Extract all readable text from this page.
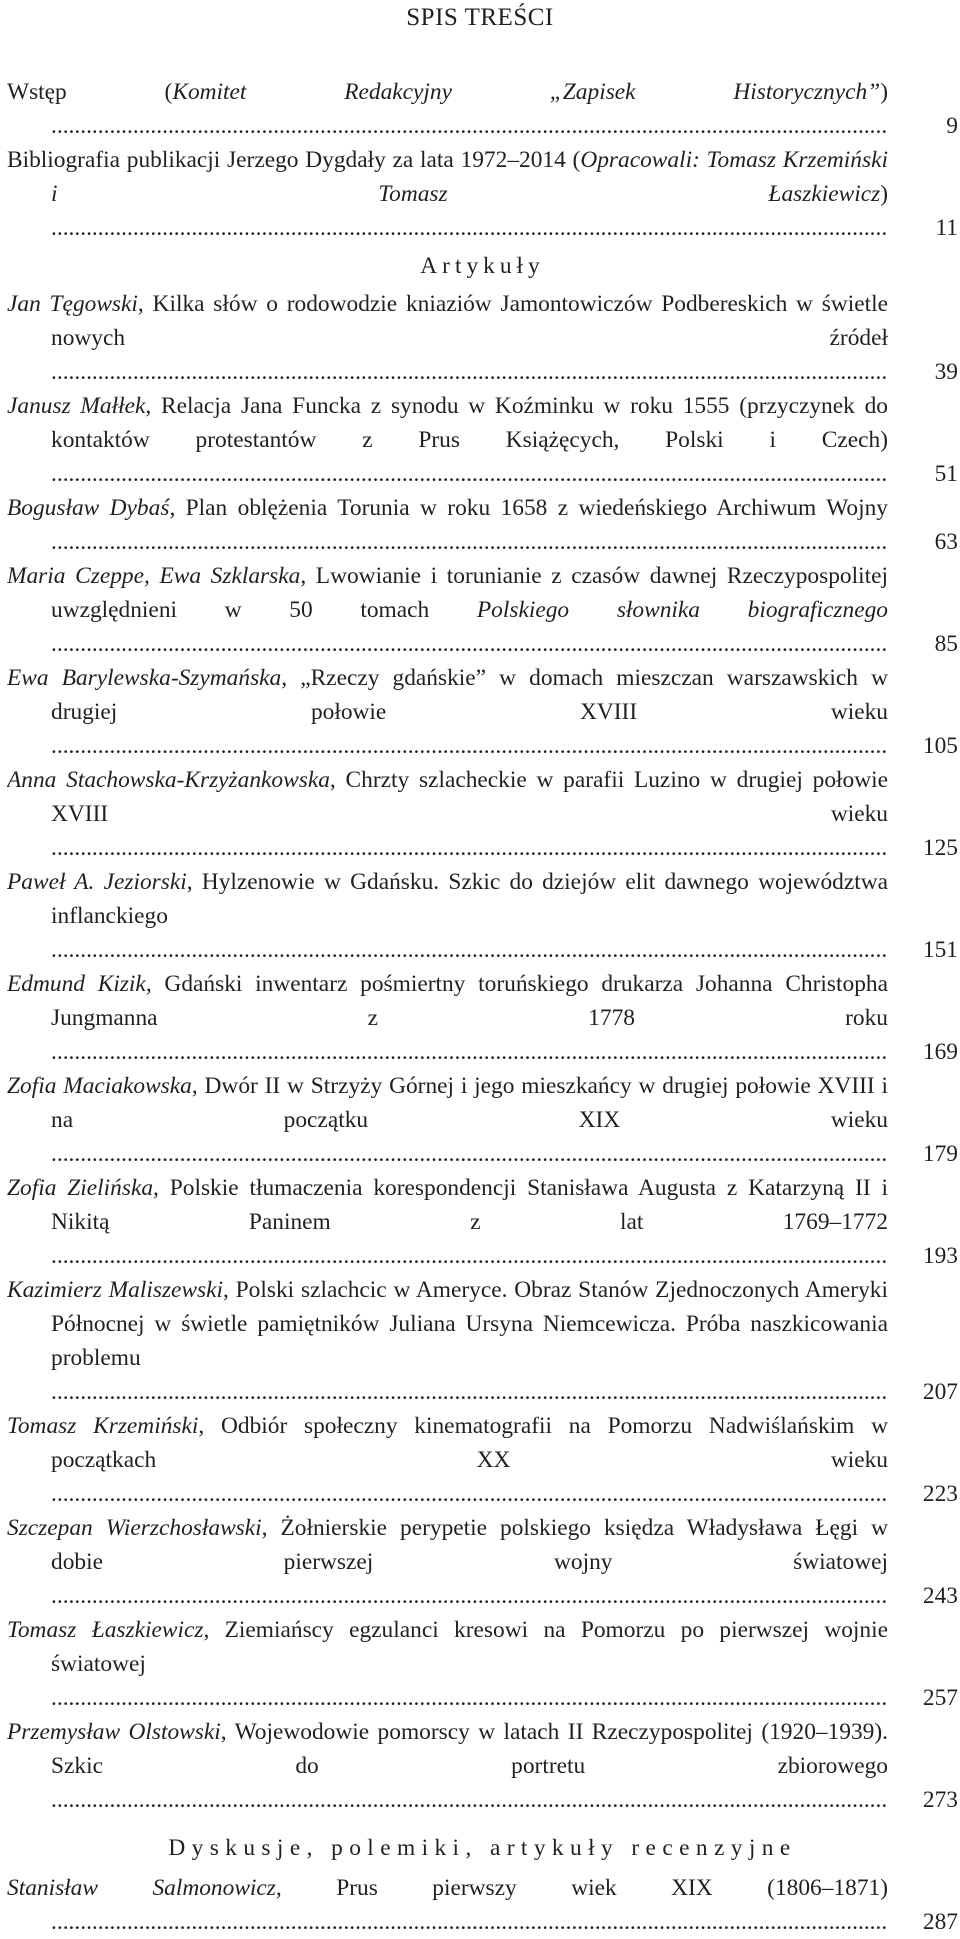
SPIS TREŚCI
Wstęp (Komitet Redakcyjny „Zapisek Historycznych”) .....
9
Bibliografia publikacji Jerzego Dygdały za lata 1972–2014 (Opracowali: Tomasz Krzemiński i Tomasz Łaszkiewicz) .....
11
Artykuły
Jan Tęgowski, Kilka słów o rodowodzie kniaziów Jamontowiczów Podbereskich w świetle nowych źródeł .....
39
Janusz Małłek, Relacja Jana Funcka z synodu w Koźminku w roku 1555 (przyczynek do kontaktów protestantów z Prus Książęcych, Polski i Czech) .....
51
Bogusław Dybaś, Plan oblężenia Torunia w roku 1658 z wiedeńskiego Archiwum Wojny .....
63
Maria Czeppe, Ewa Szklarska, Lwowianie i torunianie z czasów dawnej Rzeczypospolitej uwzględnieni w 50 tomach Polskiego słownika biograficznego .....
85
Ewa Barylewska-Szymańska, „Rzeczy gdańskie” w domach mieszczan warszawskich w drugiej połowie XVIII wieku .....
105
Anna Stachowska-Krzyżankowska, Chrzty szlacheckie w parafii Luzino w drugiej połowie XVIII wieku .....
125
Paweł A. Jeziorski, Hylzenowie w Gdańsku. Szkic do dziejów elit dawnego województwa inflanckiego .....
151
Edmund Kizik, Gdański inwentarz pośmiertny toruńskiego drukarza Johanna Christopha Jungmanna z 1778 roku .....
169
Zofia Maciakowska, Dwór II w Strzyży Górnej i jego mieszkańcy w drugiej połowie XVIII i na początku XIX wieku .....
179
Zofia Zielińska, Polskie tłumaczenia korespondencji Stanisława Augusta z Katarzyną II i Nikitą Paninem z lat 1769–1772 .....
193
Kazimierz Maliszewski, Polski szlachcic w Ameryce. Obraz Stanów Zjednoczonych Ameryki Północnej w świetle pamiętników Juliana Ursyna Niemcewicza. Próba naszkicowania problemu .....
207
Tomasz Krzemiński, Odbiór społeczny kinematografii na Pomorzu Nadwiślańskim w początkach XX wieku .....
223
Szczepan Wierzchosławski, Żołnierskie perypetie polskiego księdza Władysława Łęgi w dobie pierwszej wojny światowej .....
243
Tomasz Łaszkiewicz, Ziemiańscy egzulanci kresowi na Pomorzu po pierwszej wojnie światowej .....
257
Przemysław Olstowski, Wojewodowie pomorscy w latach II Rzeczypospolitej (1920–1939). Szkic do portretu zbiorowego .....
273
Dyskusje, polemiki, artykuły recenzyjne
Stanisław Salmonowicz, Prus pierwszy wiek XIX (1806–1871) .....
287
